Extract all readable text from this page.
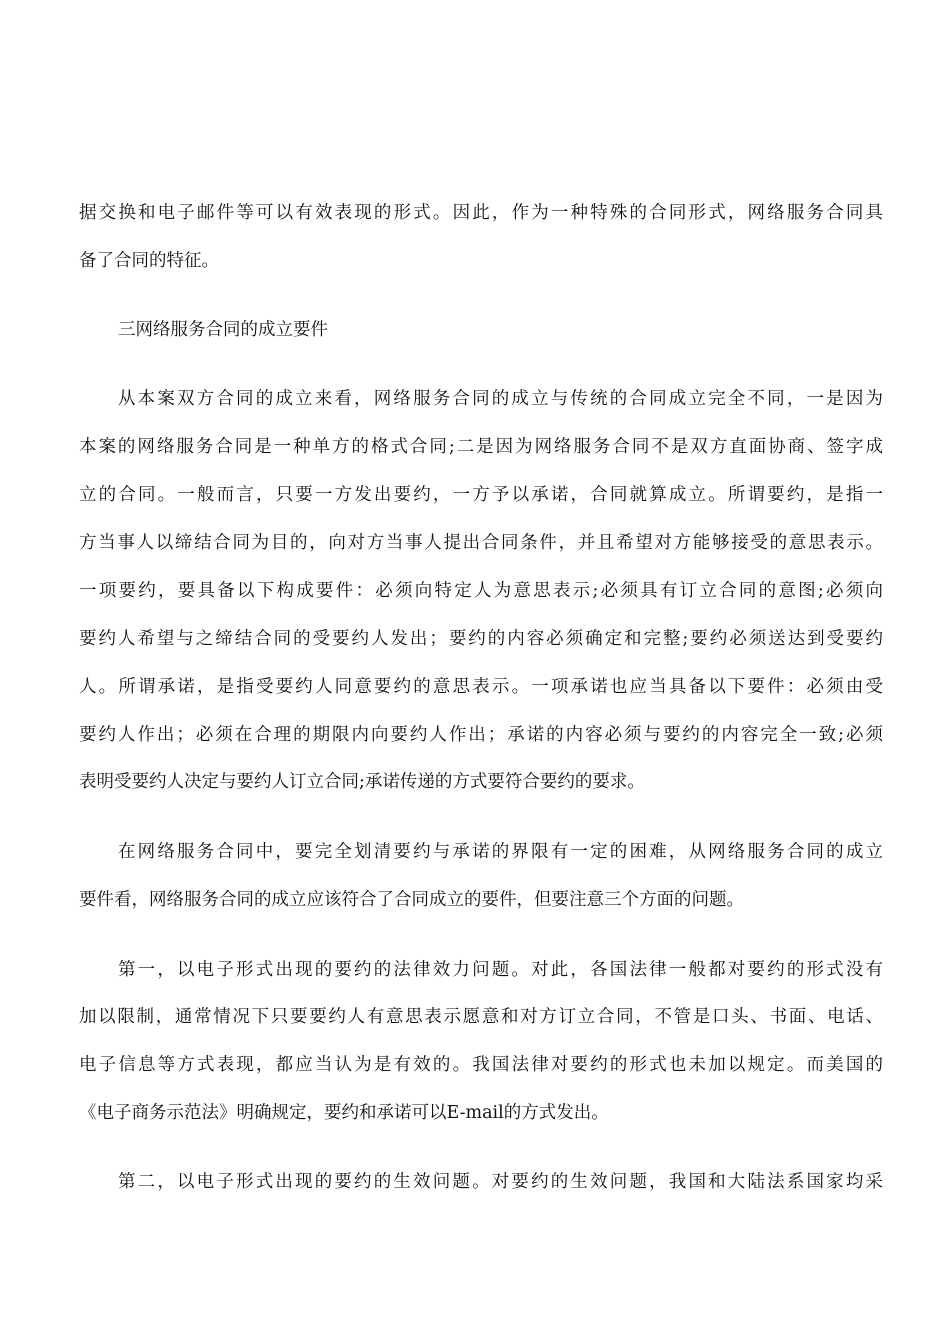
据交换和电子邮件等可以有效表现的形式。因此，作为一种特殊的合同形式，网络服务合同具
备了合同的特征。
三网络服务合同的成立要件
从本案双方合同的成立来看，网络服务合同的成立与传统的合同成立完全不同，一是因为
本案的网络服务合同是一种单方的格式合同;二是因为网络服务合同不是双方直面协商、签字成
立的合同。一般而言，只要一方发出要约，一方予以承诺，合同就算成立。所谓要约，是指一
方当事人以缔结合同为目的，向对方当事人提出合同条件，并且希望对方能够接受的意思表示。
一项要约，要具备以下构成要件：必须向特定人为意思表示;必须具有订立合同的意图;必须向
要约人希望与之缔结合同的受要约人发出；要约的内容必须确定和完整;要约必须送达到受要约
人。所谓承诺，是指受要约人同意要约的意思表示。一项承诺也应当具备以下要件：必须由受
要约人作出；必须在合理的期限内向要约人作出；承诺的内容必须与要约的内容完全一致;必须
表明受要约人决定与要约人订立合同;承诺传递的方式要符合要约的要求。
在网络服务合同中，要完全划清要约与承诺的界限有一定的困难，从网络服务合同的成立
要件看，网络服务合同的成立应该符合了合同成立的要件，但要注意三个方面的问题。
第一，以电子形式出现的要约的法律效力问题。对此，各国法律一般都对要约的形式没有
加以限制，通常情况下只要要约人有意思表示愿意和对方订立合同，不管是口头、书面、电话、
电子信息等方式表现，都应当认为是有效的。我国法律对要约的形式也未加以规定。而美国的
《电子商务示范法》明确规定，要约和承诺可以E-mail的方式发出。
第二，以电子形式出现的要约的生效问题。对要约的生效问题，我国和大陆法系国家均采
